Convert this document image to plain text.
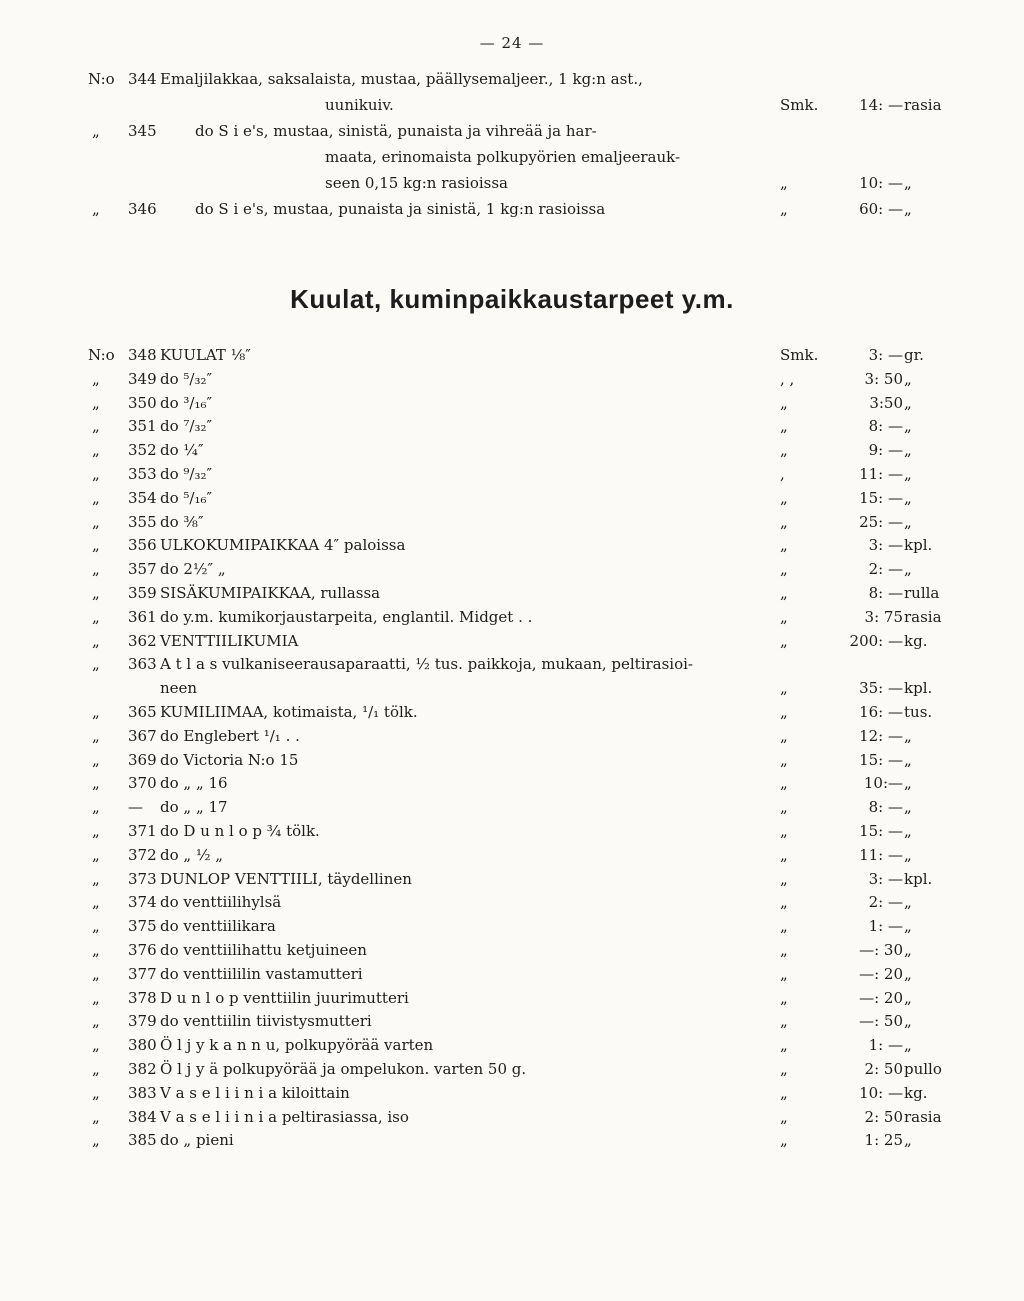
— 24 —
N:o 344 Emaljilakkaa, saksalaista, mustaa, päällysemaljeer., 1 kg:n ast.,
uunikuiv.	Smk.	14: — rasia
„	345	do S i e's, mustaa, sinistä, punaista ja vihreää ja har-
maata, erinomaista polkupyörien emaljeerauk-
seen 0,15 kg:n rasioissa	„	10: — „
„	346	do S i e's, mustaa, punaista ja sinistä, 1 kg:n rasioissa	„	60: — „
Kuulat, kuminpaikkaustarpeet y.m.
N:o 348 KUULAT ⅛″	Smk.	3: — gr.
„	349 do ⁵/₃₂″	, ,	3: 50 „
„	350 do ³/₁₆″	„	3:50 „
„	351 do ⁷/₃₂″	„	8: — „
„	352 do ¼″	„	9: — „
„	353 do ⁹/₃₂″	,	11: — „
„	354 do ⁵/₁₆″	„	15: — „
„	355 do ⅜″	„	25: — „
„	356 ULKOKUMIPAIKKAA 4″ paloissa	„	3: — kpl.
„	357 do 2½″ „	„	2: — „
„	359 SISÄKUMIPAIKKAA, rullassa	„	8: — rulla
„	361 do y.m. kumikorjaustarpeita, englantil. Midget . .	„	3: 75 rasia
„	362 VENTTIILIKUMIA	„	200: — kg.
„	363 A t l a s vulkaniseerausaparaatti, ½ tus. paikkoja, mukaan, peltirasioi-
neen	„	35: — kpl.
„	365 KUMILIIMAA, kotimaista, ¹/₁ tölk.	„	16: — tus.
„	367 do Englebert ¹/₁ . .	„	12: — „
„	369 do Victoria N:o 15	„	15: — „
„	370 do „ „ 16	„	10:— „
„	—	do „ „ 17	„	8: — „
„	371 do D u n l o p ¾ tölk.	„	15: — „
„	372 do „ ½ „	„	11: — „
„	373 DUNLOP VENTTIILI, täydellinen	„	3: — kpl.
„	374 do venttiilihylsä	„	2: — „
„	375 do venttiilikara	„	1: — „
„	376 do venttiilihattu ketjuineen	„	—: 30 „
„	377 do venttiililin vastamutteri	„	—: 20 „
„	378 D u n l o p venttiilin juurimutteri	„	—: 20 „
„	379 do venttiilin tiivistysmutteri	„	—: 50 „
„	380 Ö l j y k a n n u, polkupyörää varten	„	1: — „
„	382 Ö l j y ä polkupyörää ja ompelukon. varten 50 g.	„	2: 50 pullo
„	383 V a s e l i i n i a kiloittain	„	10: — kg.
„	384 V a s e l i i n i a peltirasiassa, iso	„	2: 50 rasia
„	385 do „ pieni	„	1: 25 „
